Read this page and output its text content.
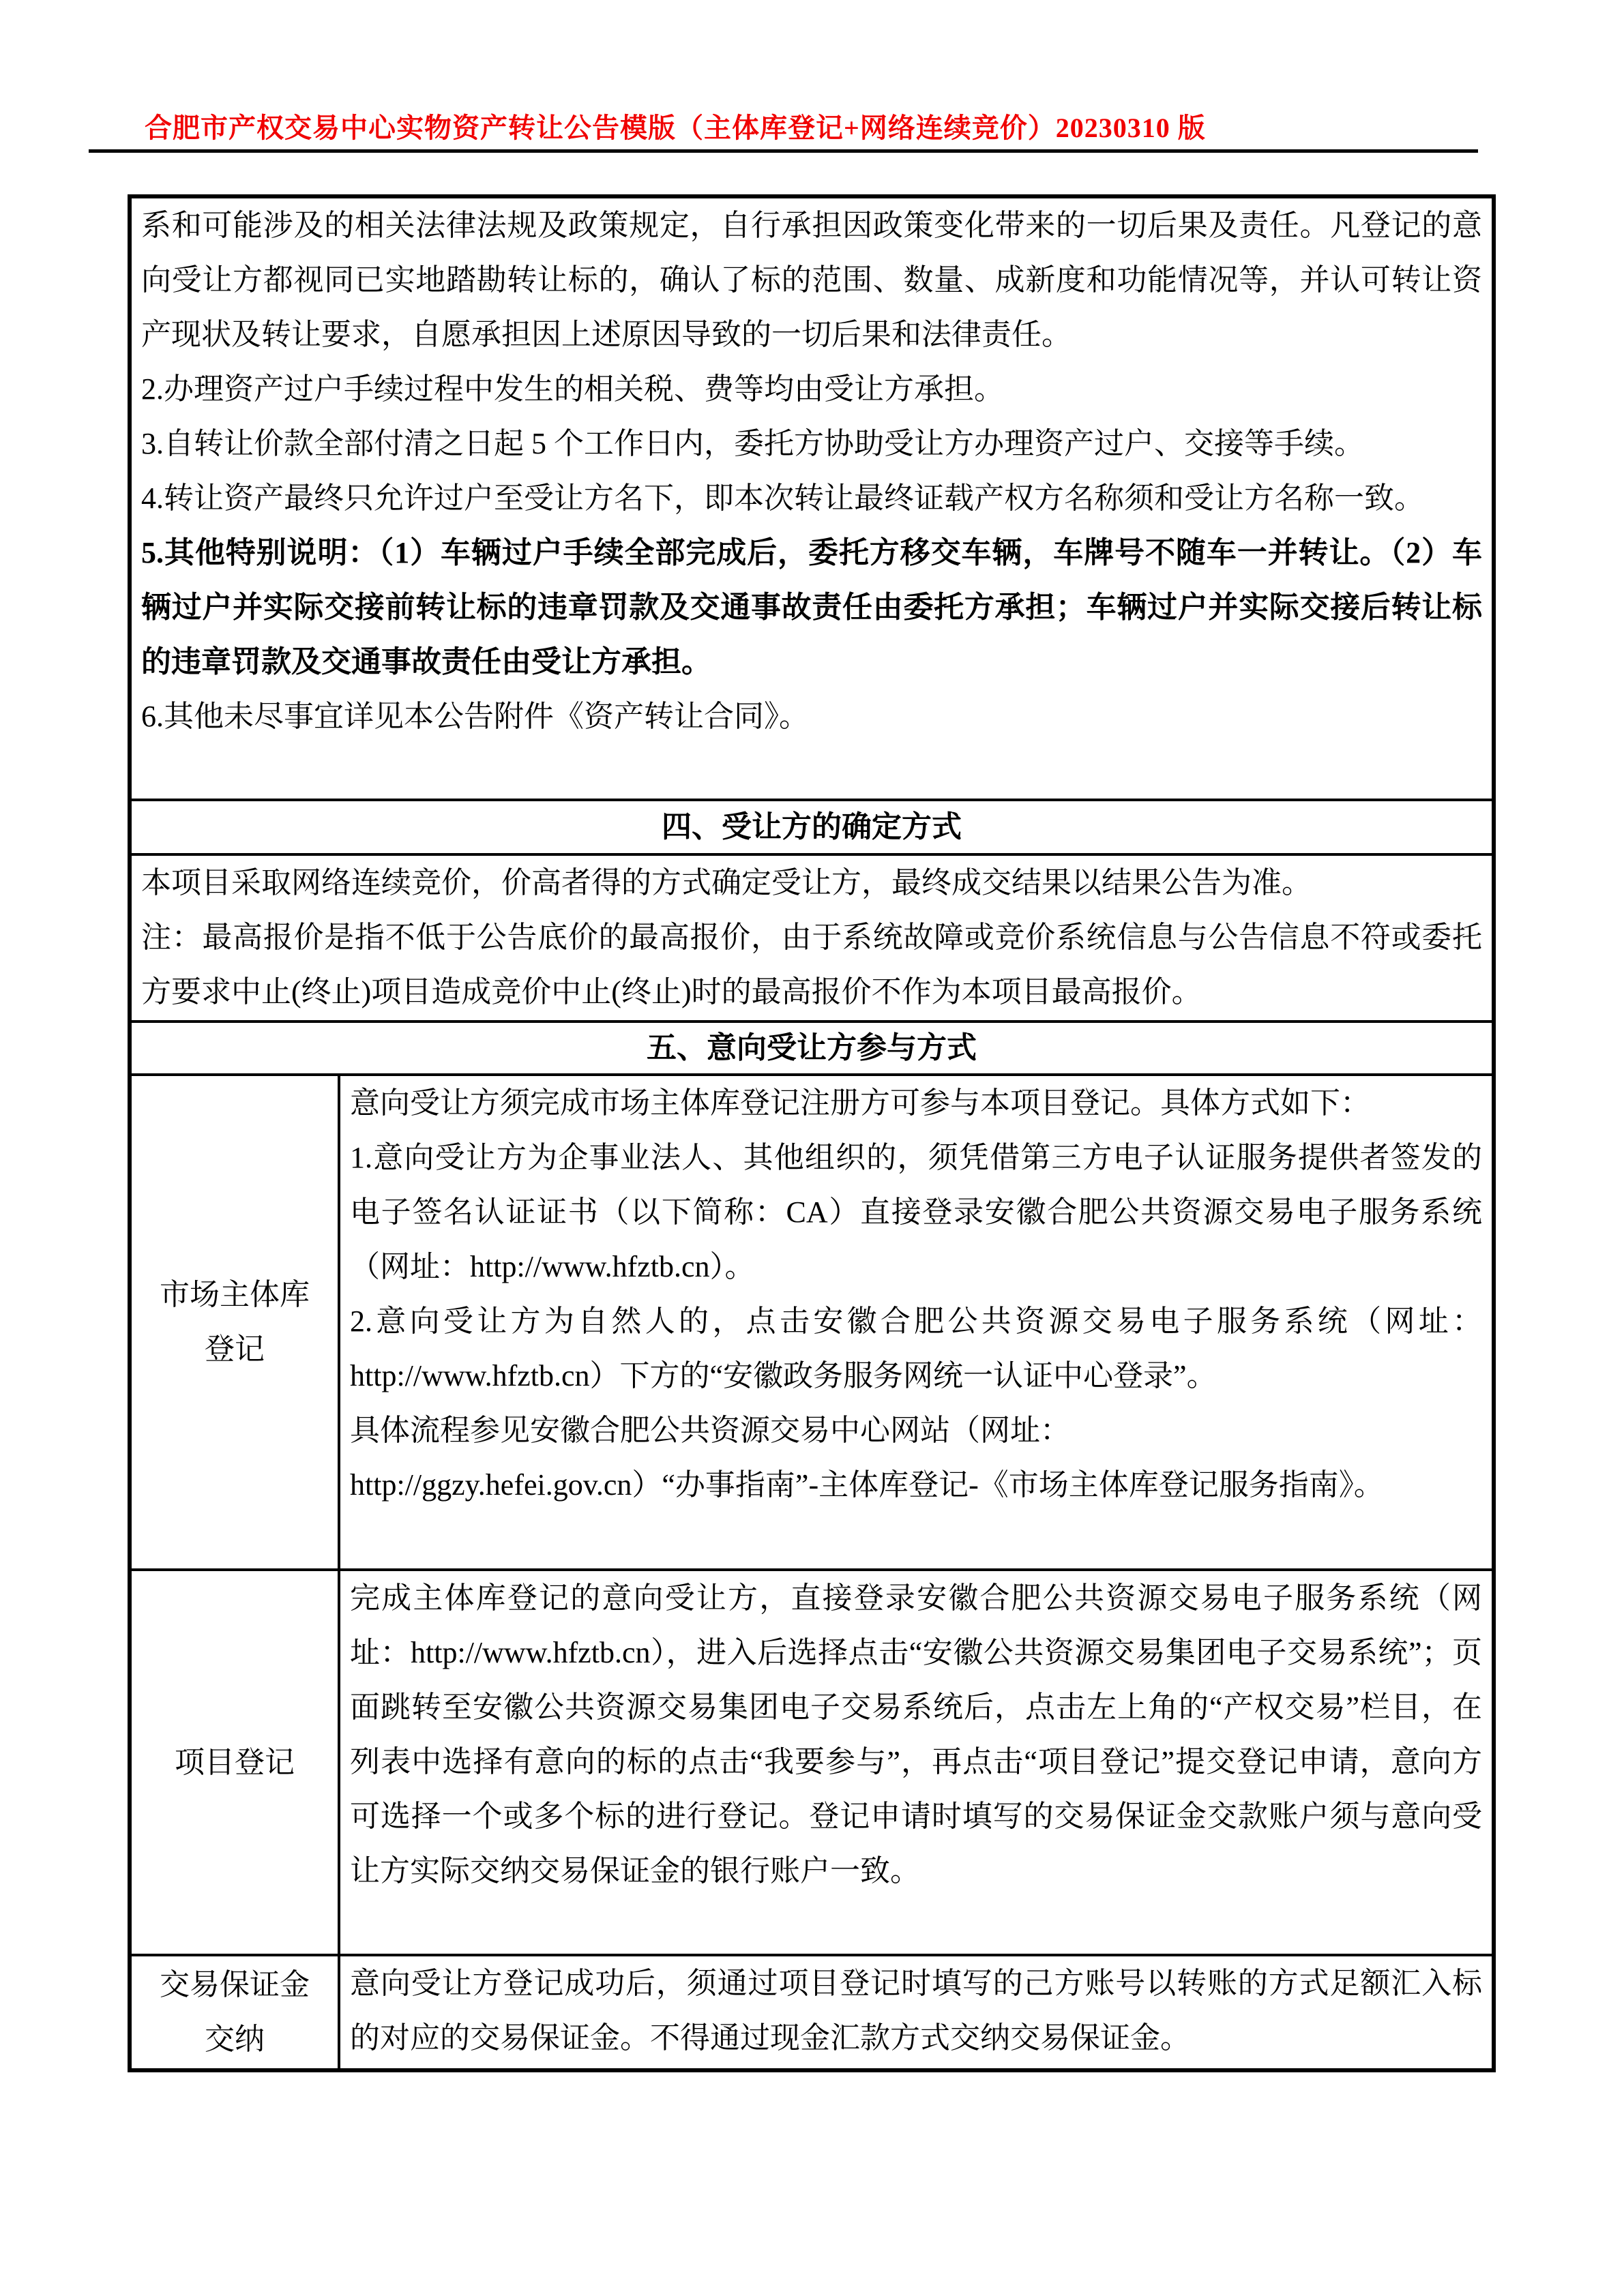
合肥市产权交易中心实物资产转让公告模版（主体库登记+网络连续竞价）20230310 版

系和可能涉及的相关法律法规及政策规定，自行承担因政策变化带来的一切后果及责任。凡登记的意向受让方都视同已实地踏勘转让标的，确认了标的范围、数量、成新度和功能情况等，并认可转让资产现状及转让要求，自愿承担因上述原因导致的一切后果和法律责任。

2.办理资产过户手续过程中发生的相关税、费等均由受让方承担。

3.自转让价款全部付清之日起 5 个工作日内，委托方协助受让方办理资产过户、交接等手续。

4.转让资产最终只允许过户至受让方名下，即本次转让最终证载产权方名称须和受让方名称一致。

5.其他特别说明：（1）车辆过户手续全部完成后，委托方移交车辆，车牌号不随车一并转让。（2）车辆过户并实际交接前转让标的违章罚款及交通事故责任由委托方承担；车辆过户并实际交接后转让标的违章罚款及交通事故责任由受让方承担。

6.其他未尽事宜详见本公告附件《资产转让合同》。

四、受让方的确定方式	

本项目采取网络连续竞价，价高者得的方式确定受让方，最终成交结果以结果公告为准。

注：最高报价是指不低于公告底价的最高报价，由于系统故障或竞价系统信息与公告信息不符或委托方要求中止(终止)项目造成竞价中止(终止)时的最高报价不作为本项目最高报价。	

五、意向受让方参与方式	

市场主体库登记	意向受让方须完成市场主体库登记注册方可参与本项目登记。具体方式如下：

1.意向受让方为企事业法人、其他组织的，须凭借第三方电子认证服务提供者签发的电子签名认证证书（以下简称：CA）直接登录安徽合肥公共资源交易电子服务系统（网址：http://www.hfztb.cn）。

2.意向受让方为自然人的，点击安徽合肥公共资源交易电子服务系统（网址：http://www.hfztb.cn）下方的“安徽政务服务网统一认证中心登录”。

具体流程参见安徽合肥公共资源交易中心网站（网址：

http://ggzy.hefei.gov.cn）“办事指南”-主体库登记-《市场主体库登记服务指南》。

项目登记	完成主体库登记的意向受让方，直接登录安徽合肥公共资源交易电子服务系统（网址：http://www.hfztb.cn），进入后选择点击“安徽公共资源交易集团电子交易系统”；页面跳转至安徽公共资源交易集团电子交易系统后，点击左上角的“产权交易”栏目，在列表中选择有意向的标的点击“我要参与”，再点击“项目登记”提交登记申请，意向方可选择一个或多个标的进行登记。登记申请时填写的交易保证金交款账户须与意向受让方实际交纳交易保证金的银行账户一致。

交易保证金交纳	意向受让方登记成功后，须通过项目登记时填写的己方账号以转账的方式足额汇入标的对应的交易保证金。不得通过现金汇款方式交纳交易保证金。
